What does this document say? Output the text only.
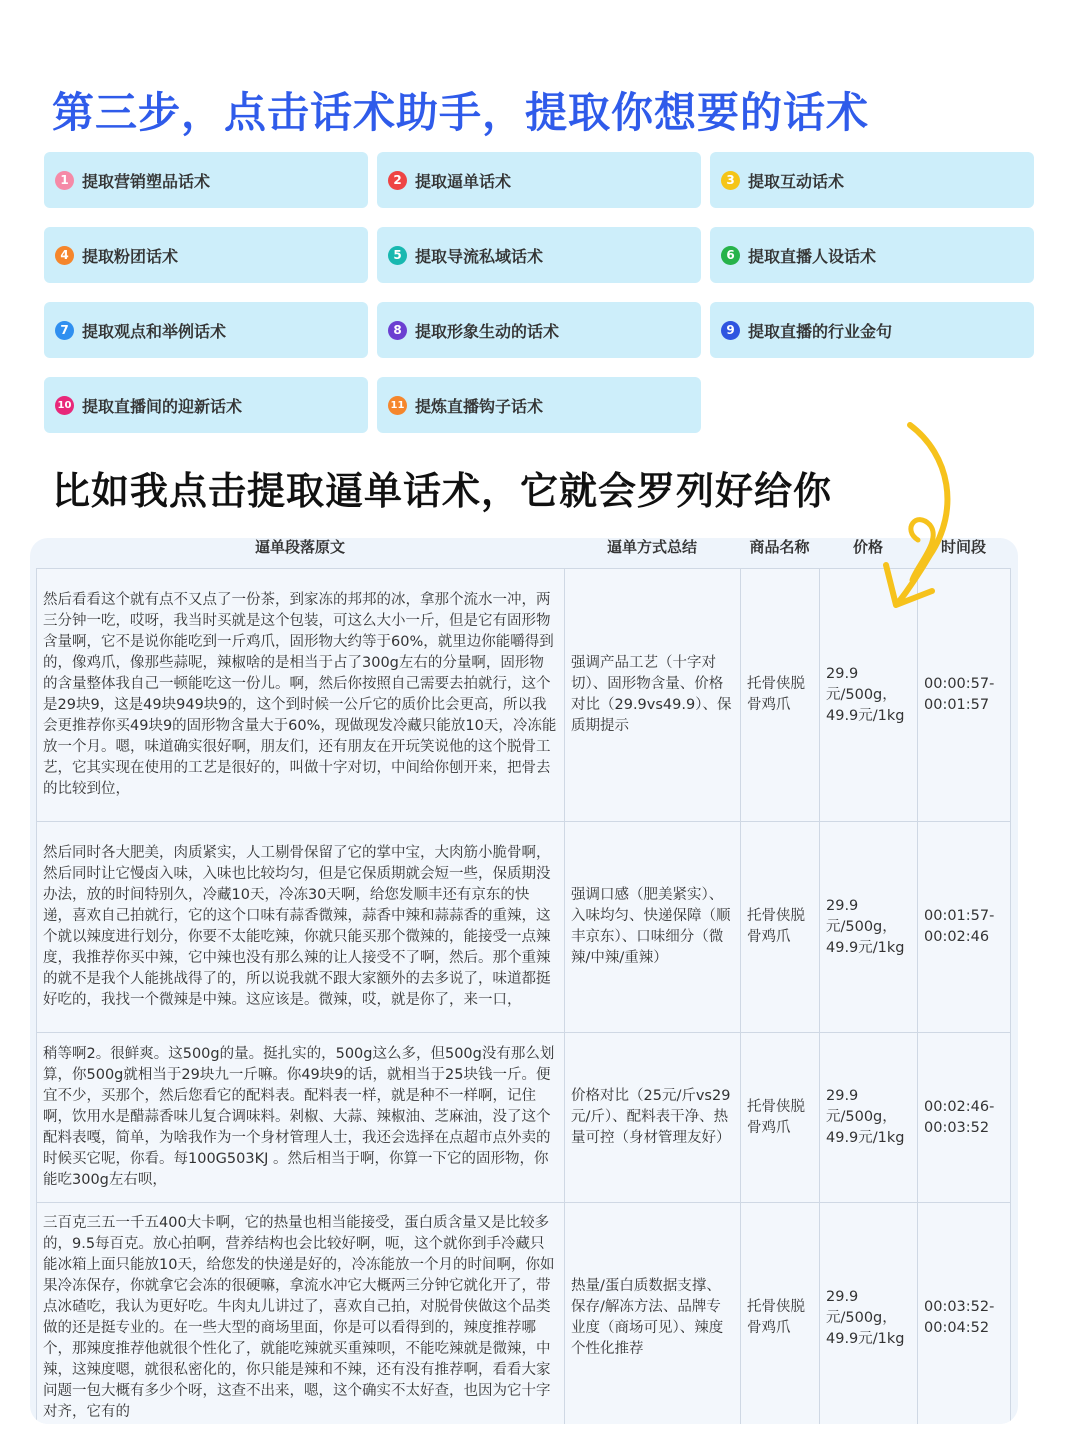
第三步，点击话术助手，提取你想要的话术
1 提取营销塑品话术	2 提取逼单话术	3 提取互动话术
4 提取粉团话术	5 提取导流私域话术	6 提取直播人设话术
7 提取观点和举例话术	8 提取形象生动的话术	9 提取直播的行业金句
10 提取直播间的迎新话术	11 提炼直播钩子话术
比如我点击提取逼单话术，它就会罗列好给你
逼单段落原文	逼单方式总结	商品名称	价格	时间段
然后看看这个就有点不又点了一份茶，到家冻的邦邦的冰，拿那个流水一冲，两三分钟一吃，哎呀，我当时买就是这个包装，可这么大小一斤，但是它有固形物含量啊，它不是说你能吃到一斤鸡爪，固形物大约等于60%，就里边你能嚼得到的，像鸡爪，像那些蒜呢，辣椒啥的是相当于占了300g左右的分量啊，固形物的含量整体我自己一顿能吃这一份儿。啊，然后你按照自己需要去拍就行，这个是29块9，这是49块949块9的，这个到时候一公斤它的质价比会更高，所以我会更推荐你买49块9的固形物含量大于60%，现做现发冷藏只能放10天，冷冻能放一个月。嗯，味道确实很好啊，朋友们，还有朋友在开玩笑说他的这个脱骨工艺，它其实现在使用的工艺是很好的，叫做十字对切，中间给你刨开来，把骨去的比较到位，	强调产品工艺（十字对切）、固形物含量、价格对比（29.9vs49.9）、保质期提示	托骨侠脱骨鸡爪	29.9元/500g，49.9元/1kg	00:00:57-00:01:57
然后同时各大肥美，肉质紧实，人工剔骨保留了它的掌中宝，大肉筋小脆骨啊，然后同时让它慢卤入味，入味也比较均匀，但是它保质期就会短一些，保质期没办法，放的时间特别久，冷藏10天，冷冻30天啊，给您发顺丰还有京东的快递，喜欢自己拍就行，它的这个口味有蒜香微辣，蒜香中辣和蒜蒜香的重辣，这个就以辣度进行划分，你要不太能吃辣，你就只能买那个微辣的，能接受一点辣度，我推荐你买中辣，它中辣也没有那么辣的让人接受不了啊，然后。那个重辣的就不是我个人能挑战得了的，所以说我就不跟大家额外的去多说了，味道都挺好吃的，我找一个微辣是中辣。这应该是。微辣，哎，就是你了，来一口，	强调口感（肥美紧实）、入味均匀、快递保障（顺丰京东）、口味细分（微辣/中辣/重辣）	托骨侠脱骨鸡爪	29.9元/500g，49.9元/1kg	00:01:57-00:02:46
稍等啊2。很鲜爽。这500g的量。挺扎实的，500g这么多，但500g没有那么划算，你500g就相当于29块九一斤嘛。你49块9的话，就相当于25块钱一斤。便宜不少，买那个，然后您看它的配料表。配料表一样，就是种不一样啊，记住啊，饮用水是醋蒜香味儿复合调味料。剁椒、大蒜、辣椒油、芝麻油，没了这个配料表嘎，简单，为啥我作为一个身材管理人士，我还会选择在点超市点外卖的时候买它呢，你看。每100G503KJ 。然后相当于啊，你算一下它的固形物，你能吃300g左右呗，	价格对比（25元/斤vs29元/斤）、配料表干净、热量可控（身材管理友好）	托骨侠脱骨鸡爪	29.9元/500g，49.9元/1kg	00:02:46-00:03:52
三百克三五一千五400大卡啊，它的热量也相当能接受，蛋白质含量又是比较多的，9.5每百克。放心拍啊，营养结构也会比较好啊，呃，这个就你到手冷藏只能冰箱上面只能放10天，给您发的快递是好的，冷冻能放一个月的时间啊，你如果冷冻保存，你就拿它会冻的很硬嘛，拿流水冲它大概两三分钟它就化开了，带点冰碴吃，我认为更好吃。牛肉丸儿讲过了，喜欢自己拍，对脱骨侠做这个品类做的还是挺专业的。在一些大型的商场里面，你是可以看得到的，辣度推荐哪个，那辣度推荐他就很个性化了，就能吃辣就买重辣呗，不能吃辣就是微辣，中辣，这辣度嗯，就很私密化的，你只能是辣和不辣，还有没有推荐啊，看看大家问题一包大概有多少个呀，这查不出来，嗯，这个确实不太好查，也因为它十字对齐，它有的	热量/蛋白质数据支撑、保存/解冻方法、品牌专业度（商场可见）、辣度个性化推荐	托骨侠脱骨鸡爪	29.9元/500g，49.9元/1kg	00:03:52-00:04:52
